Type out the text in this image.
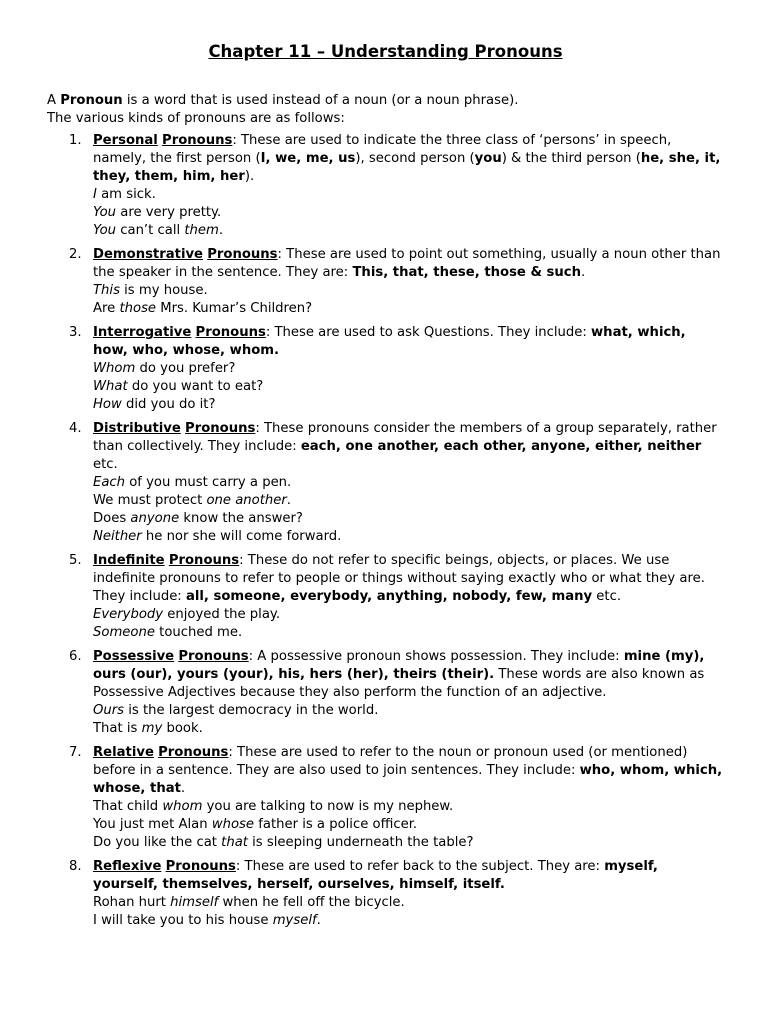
Chapter 11 – Understanding Pronouns

A Pronoun is a word that is used instead of a noun (or a noun phrase).

The various kinds of pronouns are as follows:

1. Personal Pronouns: These are used to indicate the three class of ‘persons’ in speech, namely, the first person (I, we, me, us), second person (you) & the third person (he, she, it, they, them, him, her).
I am sick.
You are very pretty.
You can’t call them.
2. Demonstrative Pronouns: These are used to point out something, usually a noun other than the speaker in the sentence. They are: This, that, these, those & such.
This is my house.
Are those Mrs. Kumar’s Children?
3. Interrogative Pronouns: These are used to ask Questions. They include: what, which, how, who, whose, whom.
Whom do you prefer?
What do you want to eat?
How did you do it?
4. Distributive Pronouns: These pronouns consider the members of a group separately, rather than collectively. They include: each, one another, each other, anyone, either, neither etc.
Each of you must carry a pen.
We must protect one another.
Does anyone know the answer?
Neither he nor she will come forward.
5. Indefinite Pronouns: These do not refer to specific beings, objects, or places. We use indefinite pronouns to refer to people or things without saying exactly who or what they are.
They include: all, someone, everybody, anything, nobody, few, many etc.
Everybody enjoyed the play.
Someone touched me.
6. Possessive Pronouns: A possessive pronoun shows possession. They include: mine (my), ours (our), yours (your), his, hers (her), theirs (their). These words are also known as Possessive Adjectives because they also perform the function of an adjective.
Ours is the largest democracy in the world.
That is my book.
7. Relative Pronouns: These are used to refer to the noun or pronoun used (or mentioned) before in a sentence. They are also used to join sentences. They include: who, whom, which, whose, that.
That child whom you are talking to now is my nephew.
You just met Alan whose father is a police officer.
Do you like the cat that is sleeping underneath the table?
8. Reflexive Pronouns: These are used to refer back to the subject. They are: myself, yourself, themselves, herself, ourselves, himself, itself.
Rohan hurt himself when he fell off the bicycle.
I will take you to his house myself.
